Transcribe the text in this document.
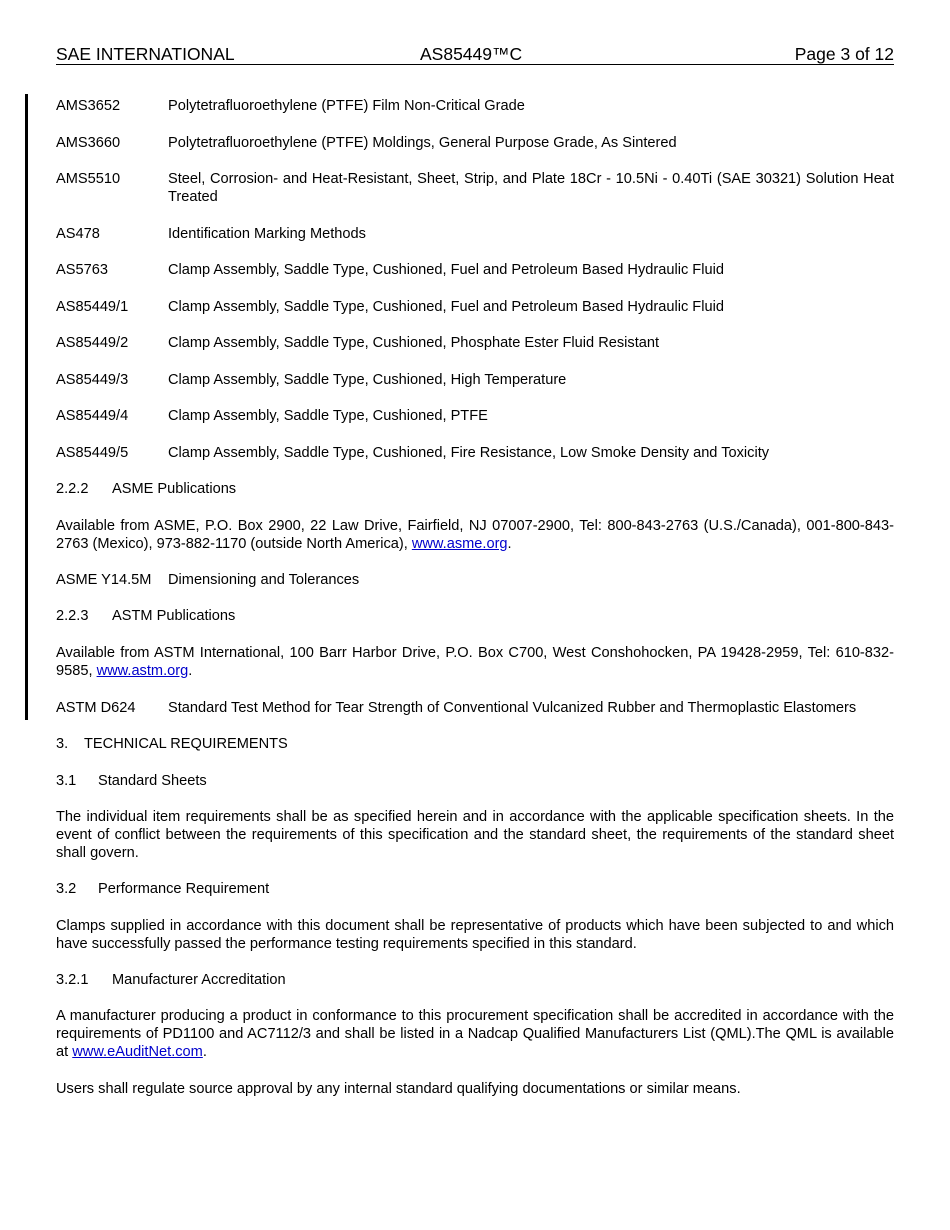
SAE INTERNATIONAL	AS85449™C	Page 3 of 12
AMS3652	Polytetrafluoroethylene (PTFE) Film Non-Critical Grade
AMS3660	Polytetrafluoroethylene (PTFE) Moldings, General Purpose Grade, As Sintered
AMS5510	Steel, Corrosion- and Heat-Resistant, Sheet, Strip, and Plate 18Cr - 10.5Ni - 0.40Ti (SAE 30321) Solution Heat Treated
AS478	Identification Marking Methods
AS5763	Clamp Assembly, Saddle Type, Cushioned, Fuel and Petroleum Based Hydraulic Fluid
AS85449/1	Clamp Assembly, Saddle Type, Cushioned, Fuel and Petroleum Based Hydraulic Fluid
AS85449/2	Clamp Assembly, Saddle Type, Cushioned, Phosphate Ester Fluid Resistant
AS85449/3	Clamp Assembly, Saddle Type, Cushioned, High Temperature
AS85449/4	Clamp Assembly, Saddle Type, Cushioned, PTFE
AS85449/5	Clamp Assembly, Saddle Type, Cushioned, Fire Resistance, Low Smoke Density and Toxicity
2.2.2 ASME Publications
Available from ASME, P.O. Box 2900, 22 Law Drive, Fairfield, NJ 07007-2900, Tel: 800-843-2763 (U.S./Canada), 001-800-843-2763 (Mexico), 973-882-1170 (outside North America), www.asme.org.
ASME Y14.5M Dimensioning and Tolerances
2.2.3 ASTM Publications
Available from ASTM International, 100 Barr Harbor Drive, P.O. Box C700, West Conshohocken, PA 19428-2959, Tel: 610-832-9585, www.astm.org.
ASTM D624 Standard Test Method for Tear Strength of Conventional Vulcanized Rubber and Thermoplastic Elastomers
3. TECHNICAL REQUIREMENTS
3.1 Standard Sheets
The individual item requirements shall be as specified herein and in accordance with the applicable specification sheets. In the event of conflict between the requirements of this specification and the standard sheet, the requirements of the standard sheet shall govern.
3.2 Performance Requirement
Clamps supplied in accordance with this document shall be representative of products which have been subjected to and which have successfully passed the performance testing requirements specified in this standard.
3.2.1 Manufacturer Accreditation
A manufacturer producing a product in conformance to this procurement specification shall be accredited in accordance with the requirements of PD1100 and AC7112/3 and shall be listed in a Nadcap Qualified Manufacturers List (QML).The QML is available at www.eAuditNet.com.
Users shall regulate source approval by any internal standard qualifying documentations or similar means.
